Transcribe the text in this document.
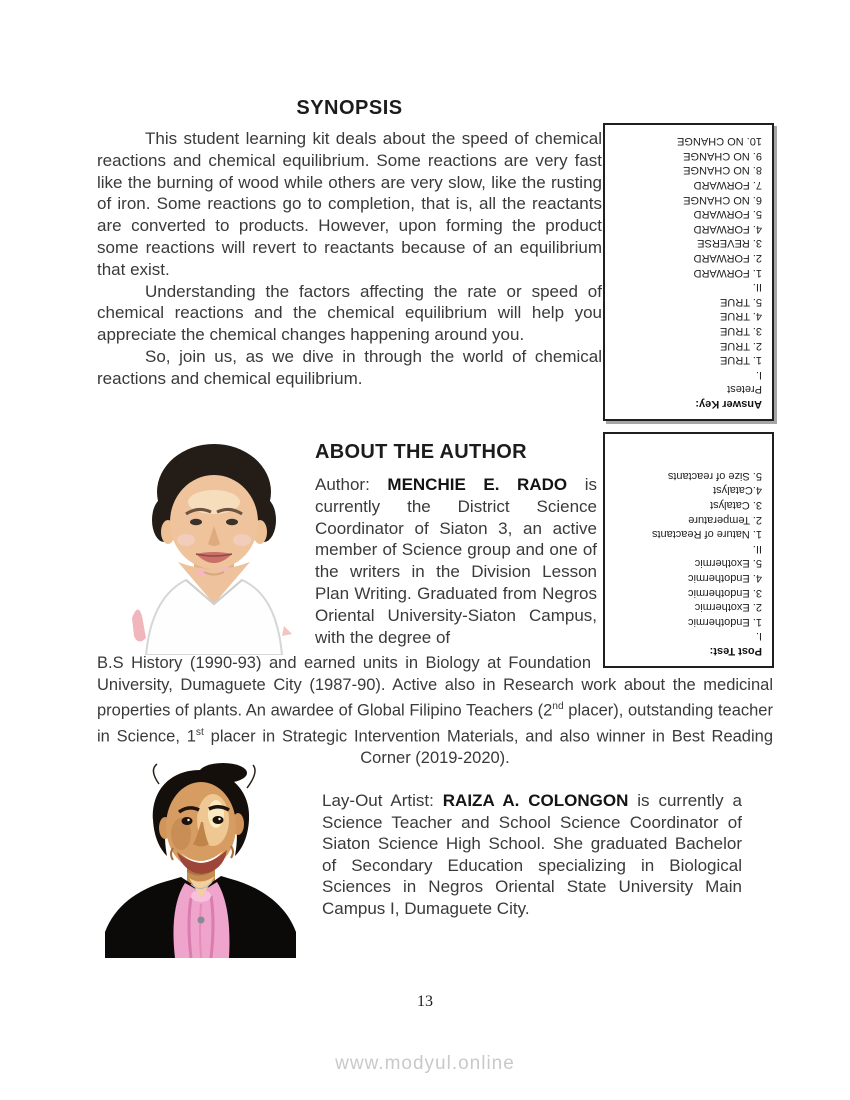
SYNOPSIS

This student learning kit deals about the speed of chemical reactions and chemical equilibrium. Some reactions are very fast like the burning of wood while others are very slow, like the rusting of iron. Some reactions go to completion, that is, all the reactants are converted to products. However, upon forming the product some reactions will revert to reactants because of an equilibrium that exist.

Understanding the factors affecting the rate or speed of chemical reactions and the chemical equilibrium will help you appreciate the chemical changes happening around you.

So, join us, as we dive in through the world of chemical reactions and chemical equilibrium.

Answer Key:
Pretest
I.
1. TRUE
2. TRUE
3. TRUE
4. TRUE
5. TRUE
II.
1. FORWARD
2. FORWARD
3. REVERSE
4. FORWARD
5. FORWARD
6. NO CHANGE
7. FORWARD
8. NO CHANGE
9. NO CHANGE
10. NO CHANGE
Post Test:
I.
1. Endothermic
2. Exothermic
3. Endothermic
4. Endothermic
5. Exothermic
II.
1. Nature of Reactants
2. Temperature
3. Catalyst
4.Catalyst
5. Size of reactants
ABOUT THE AUTHOR

Author: MENCHIE E. RADO is currently the District Science Coordinator of Siaton 3, an active member of Science group and one of the writers in the Division Lesson Plan Writing. Graduated from Negros Oriental University-Siaton Campus, with the degree of

B.S History (1990-93) and earned units in Biology at Foundation University, Dumaguete City (1987-90). Active also in Research work about the medicinal properties of plants. An awardee of Global Filipino Teachers (2nd placer), outstanding teacher in Science, 1st placer in Strategic Intervention Materials, and also winner in Best Reading Corner (2019-2020).

Lay-Out Artist: RAIZA A. COLONGON is currently a Science Teacher and School Science Coordinator of Siaton Science High School. She graduated Bachelor of Secondary Education specializing in Biological Sciences in Negros Oriental State University Main Campus I, Dumaguete City.

13
www.modyul.online
